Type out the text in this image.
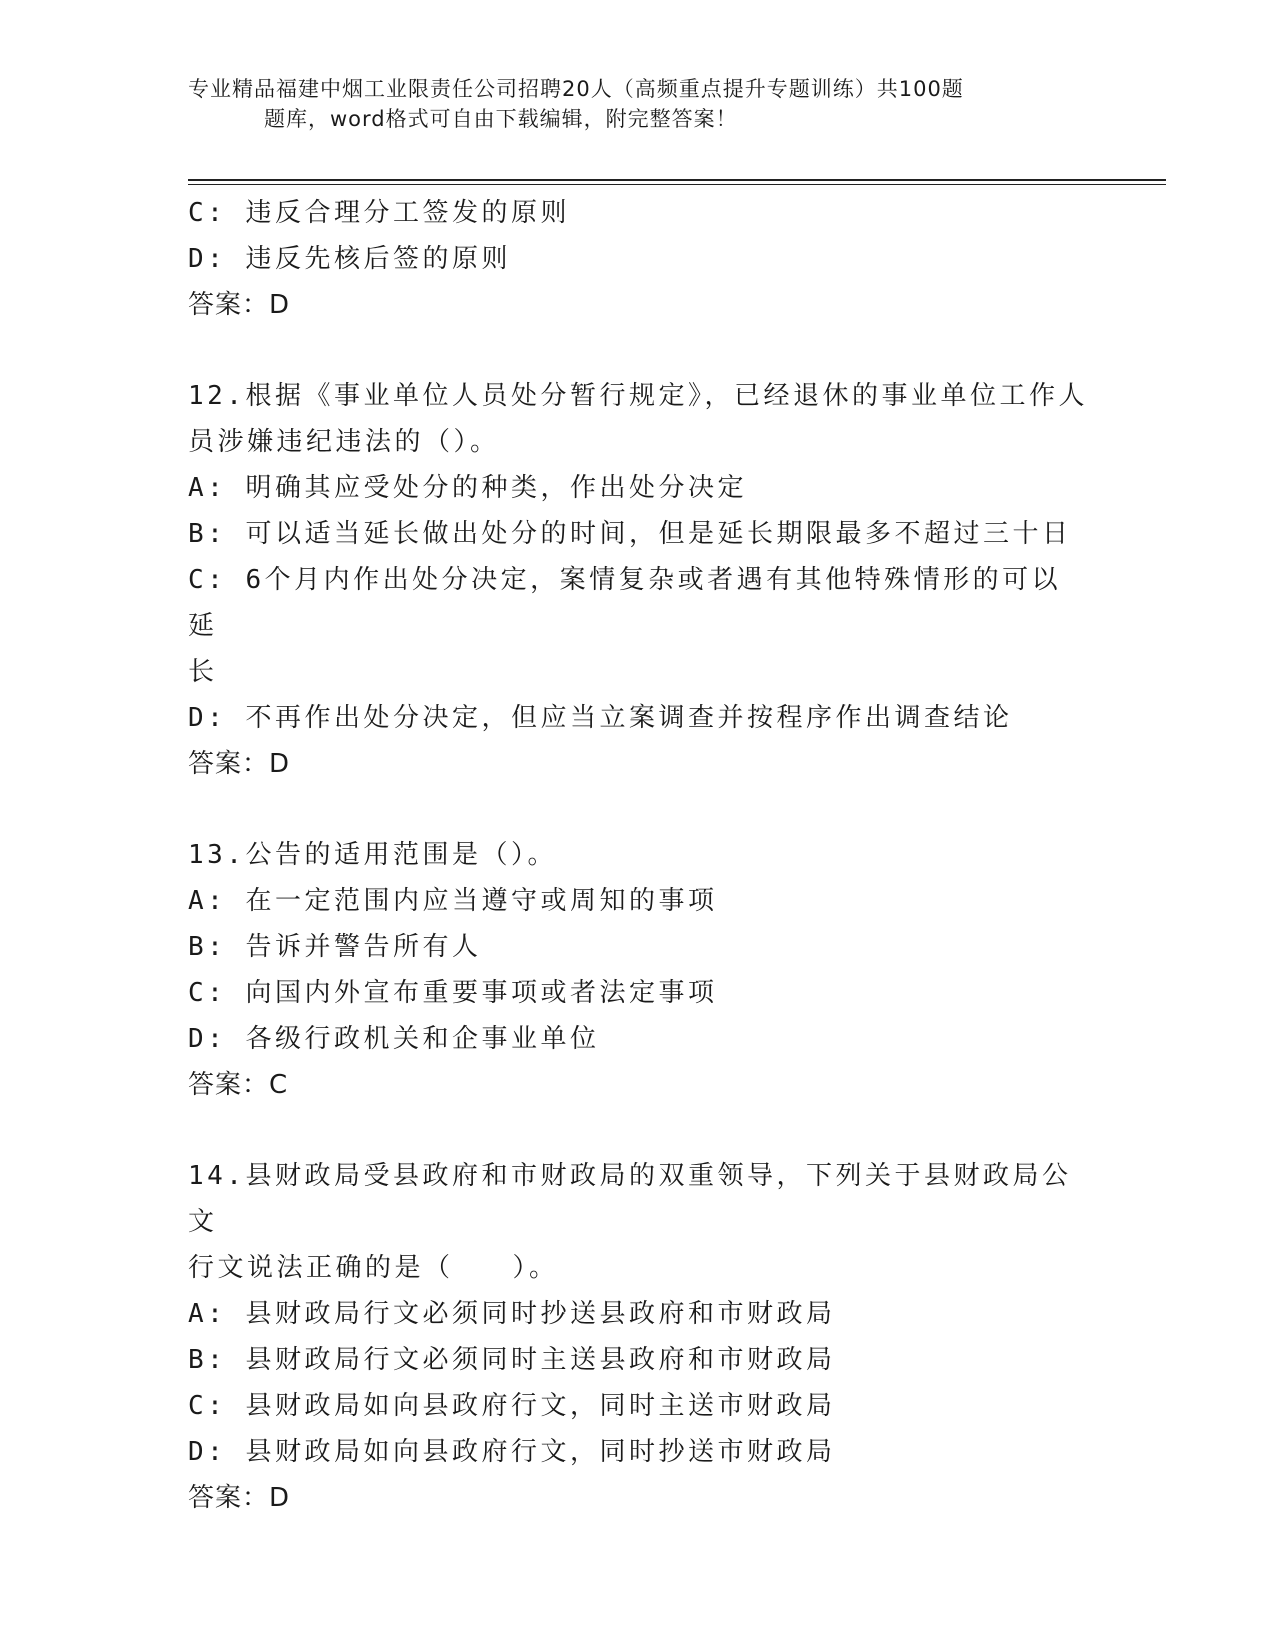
专业精品福建中烟工业限责任公司招聘20人（高频重点提升专题训练）共100题
题库，word格式可自由下载编辑，附完整答案！

C: 违反合理分工签发的原则

D: 违反先核后签的原则

答案：D

12.根据《事业单位人员处分暂行规定》，已经退休的事业单位工作人

员涉嫌违纪违法的（）。

A: 明确其应受处分的种类，作出处分决定

B: 可以适当延长做出处分的时间，但是延长期限最多不超过三十日

C: 6个月内作出处分决定，案情复杂或者遇有其他特殊情形的可以延

长

D: 不再作出处分决定，但应当立案调查并按程序作出调查结论

答案：D

13.公告的适用范围是（）。

A: 在一定范围内应当遵守或周知的事项

B: 告诉并警告所有人

C: 向国内外宣布重要事项或者法定事项

D: 各级行政机关和企事业单位

答案：C

14.县财政局受县政府和市财政局的双重领导，下列关于县财政局公文

行文说法正确的是（　　）。

A: 县财政局行文必须同时抄送县政府和市财政局

B: 县财政局行文必须同时主送县政府和市财政局

C: 县财政局如向县政府行文，同时主送市财政局

D: 县财政局如向县政府行文，同时抄送市财政局

答案：D
